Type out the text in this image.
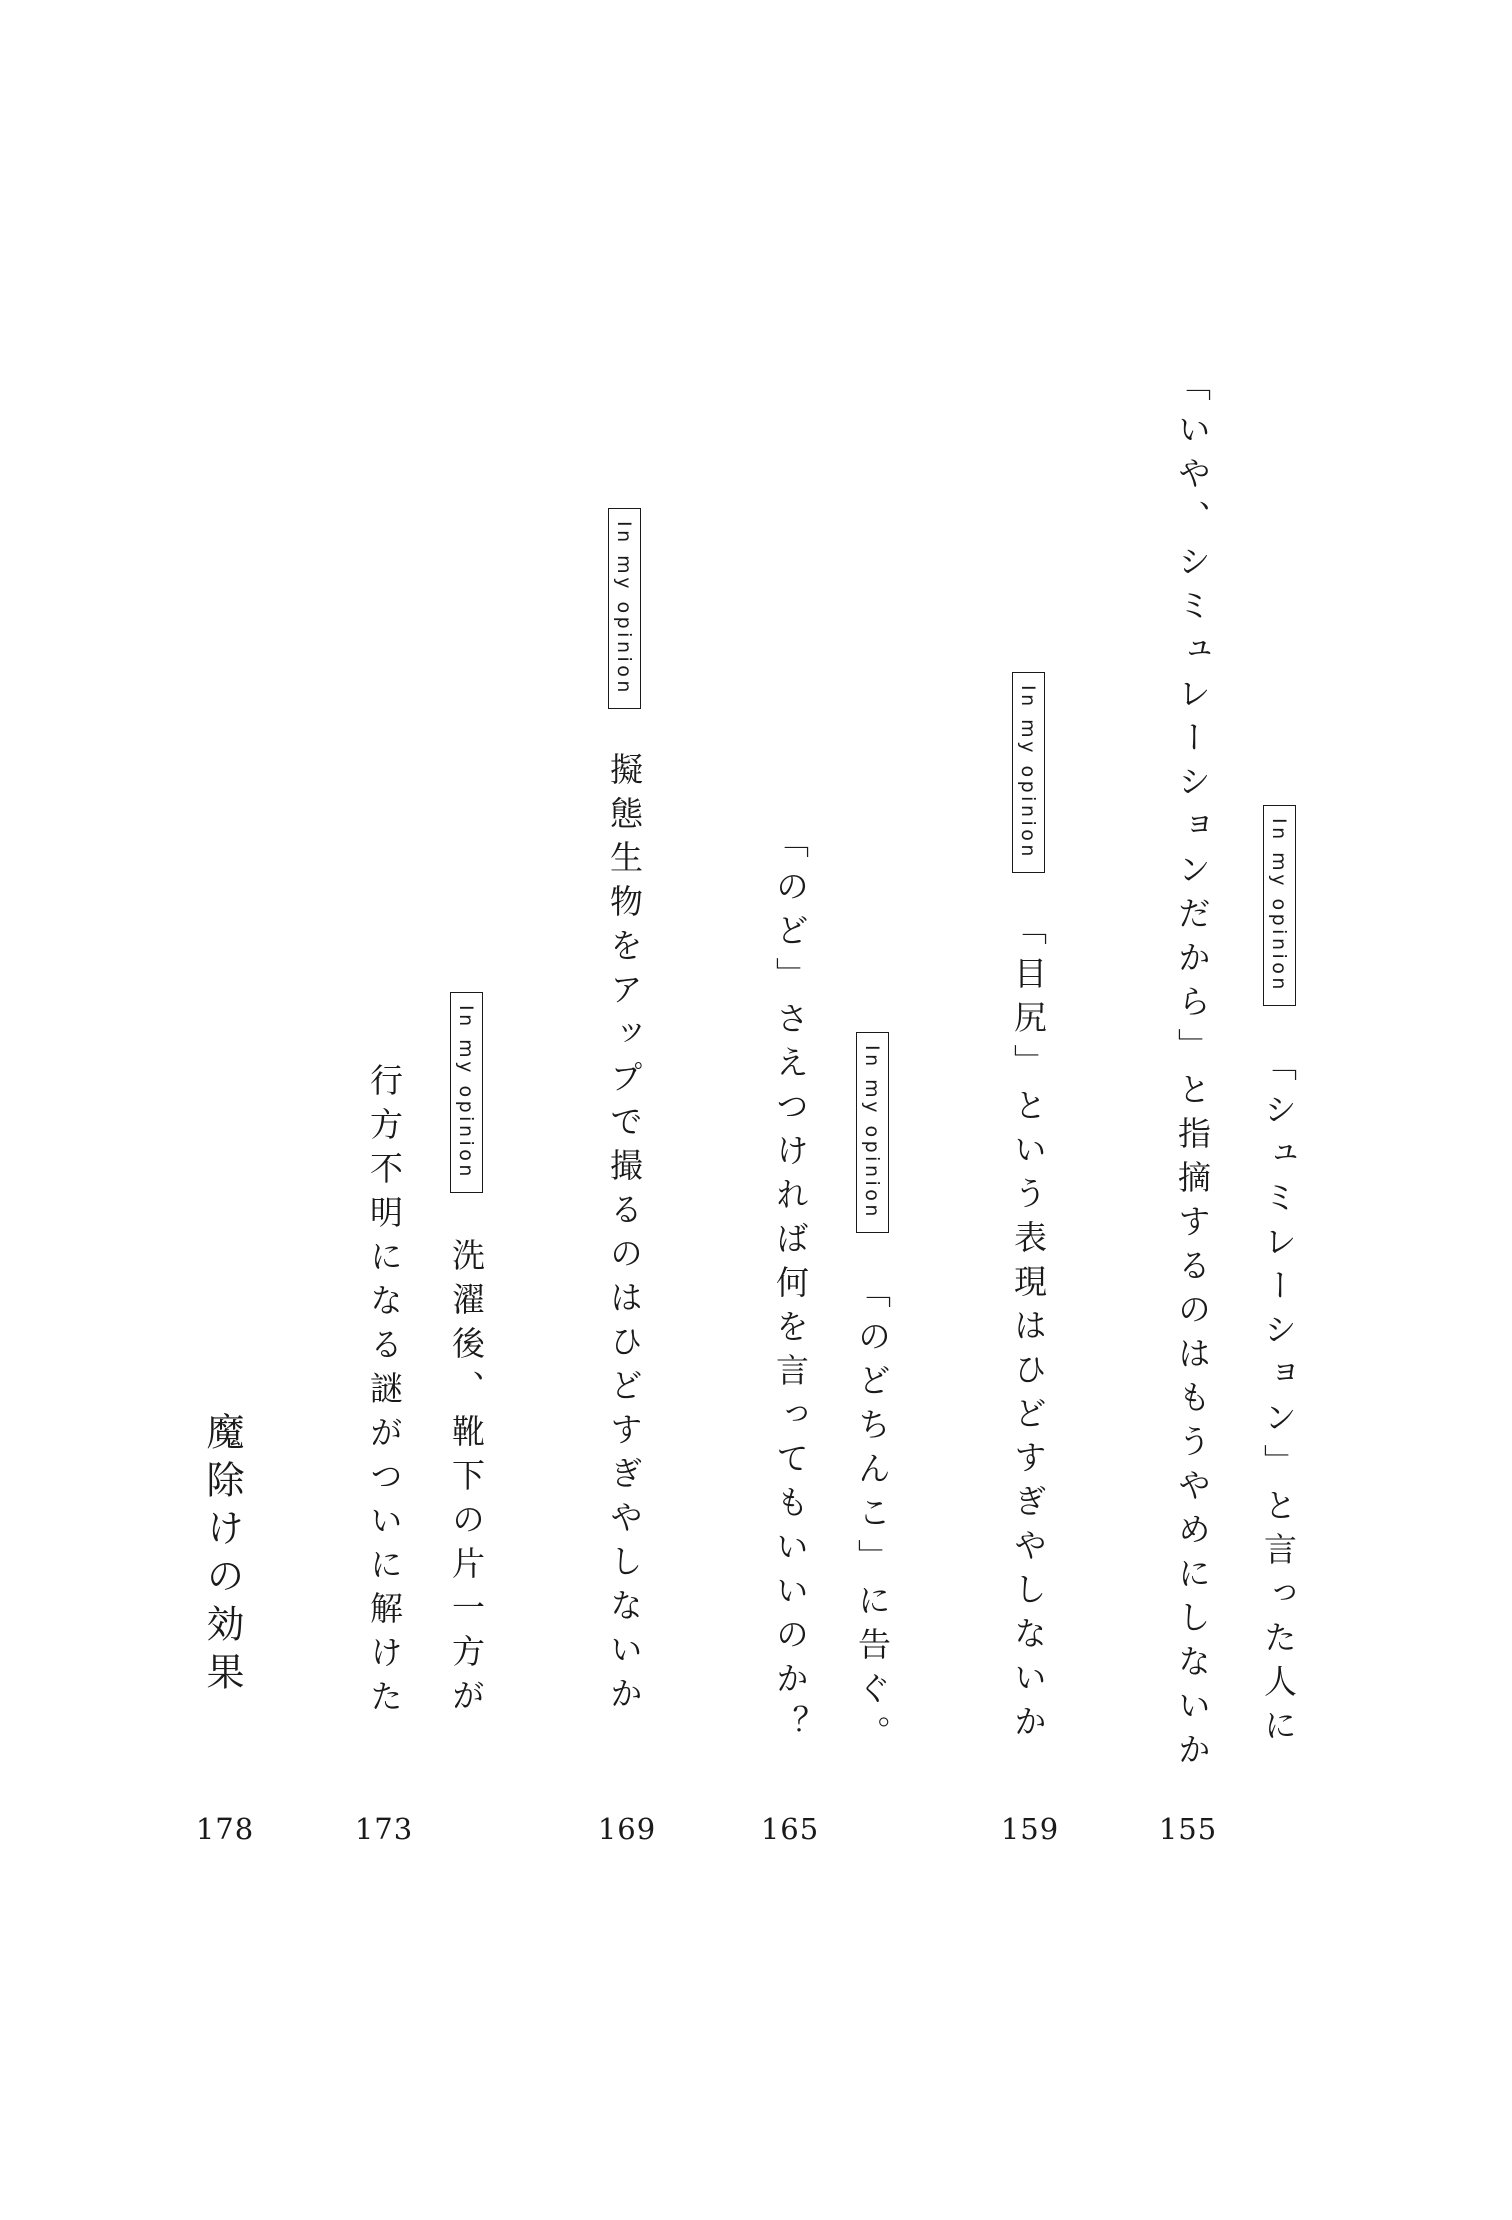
In my opinion
「シュミレーション」と言った人に
「いや、シミュレーションだから」と指摘するのはもうやめにしないか
155
In my opinion
「目尻」という表現はひどすぎやしないか
159
In my opinion
「のどちんこ」に告ぐ。
「のど」さえつければ何を言ってもいいのか？
165
In my opinion
擬態生物をアップで撮るのはひどすぎやしないか
169
In my opinion
洗濯後、靴下の片一方が
行方不明になる謎がついに解けた
173
魔除けの効果
178
